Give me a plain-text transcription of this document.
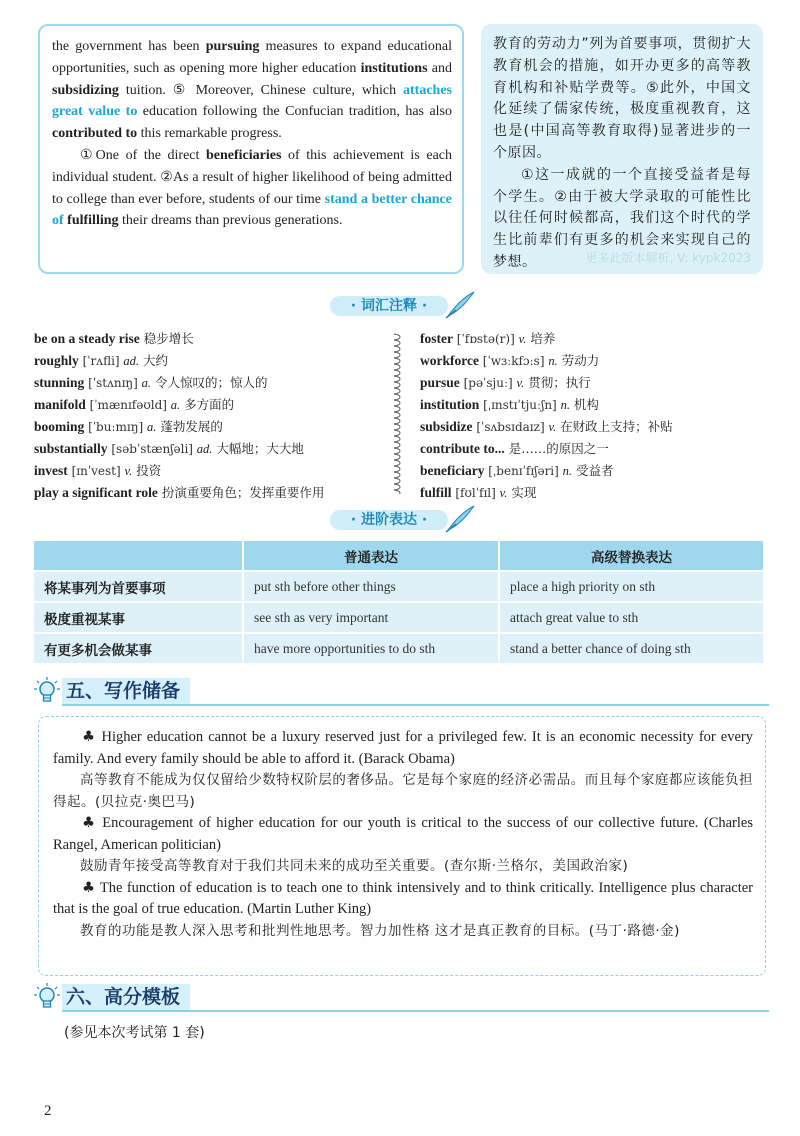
the government has been pursuing measures to expand educational opportunities, such as opening more higher education institutions and subsidizing tuition. ⑤ Moreover, Chinese culture, which attaches great value to education following the Confucian tradition, has also contributed to this remarkable progress.

①One of the direct beneficiaries of this achievement is each individual student. ②As a result of higher likelihood of being admitted to college than ever before, students of our time stand a better chance of fulfilling their dreams than previous generations.

教育的劳动力”列为首要事项，贯彻扩大教育机会的措施，如开办更多的高等教育机构和补贴学费等。⑤此外，中国文化延续了儒家传统，极度重视教育，这也是(中国高等教育取得)显著进步的一个原因。

①这一成就的一个直接受益者是每个学生。②由于被大学录取的可能性比以往任何时候都高，我们这个时代的学生比前辈们有更多的机会来实现自己的梦想。	更多此版本解析, V: kypk2023
· 词汇注释 ·
be on a steady rise 稳步增长
roughly [ˈrʌfli] ad. 大约
stunning [ˈstʌnɪŋ] a. 令人惊叹的；惊人的
manifold [ˈmænɪfəʊld] a. 多方面的
booming [ˈbuːmɪŋ] a. 蓬勃发展的
substantially [səbˈstænʃəli] ad. 大幅地；大大地
invest [ɪnˈvest] v. 投资
play a significant role 扮演重要角色；发挥重要作用
foster [ˈfɒstə(r)] v. 培养
workforce [ˈwɜːkfɔːs] n. 劳动力
pursue [pəˈsjuː] v. 贯彻；执行
institution [ˌɪnstɪˈtjuːʃn] n. 机构
subsidize [ˈsʌbsɪdaɪz] v. 在财政上支持；补贴
contribute to... 是……的原因之一
beneficiary [ˌbenɪˈfɪʃəri] n. 受益者
fulfill [fʊlˈfɪl] v. 实现
· 进阶表达 ·
	普通表达	高级替换表达
将某事列为首要事项	put sth before other things	place a high priority on sth
极度重视某事	see sth as very important	attach great value to sth
有更多机会做某事	have more opportunities to do sth	stand a better chance of doing sth
五、写作储备

♣ Higher education cannot be a luxury reserved just for a privileged few. It is an economic necessity for every family. And every family should be able to afford it. (Barack Obama)

高等教育不能成为仅仅留给少数特权阶层的奢侈品。它是每个家庭的经济必需品。而且每个家庭都应该能负担得起。(贝拉克·奥巴马)

♣ Encouragement of higher education for our youth is critical to the success of our collective future. (Charles Rangel, American politician)

鼓励青年接受高等教育对于我们共同未来的成功至关重要。(查尔斯·兰格尔，美国政治家)

♣ The function of education is to teach one to think intensively and to think critically. Intelligence plus character that is the goal of true education. (Martin Luther King)

教育的功能是教人深入思考和批判性地思考。智力加性格 这才是真正教育的目标。(马丁·路德·金)

六、高分模板
(参见本次考试第 1 套)
2
